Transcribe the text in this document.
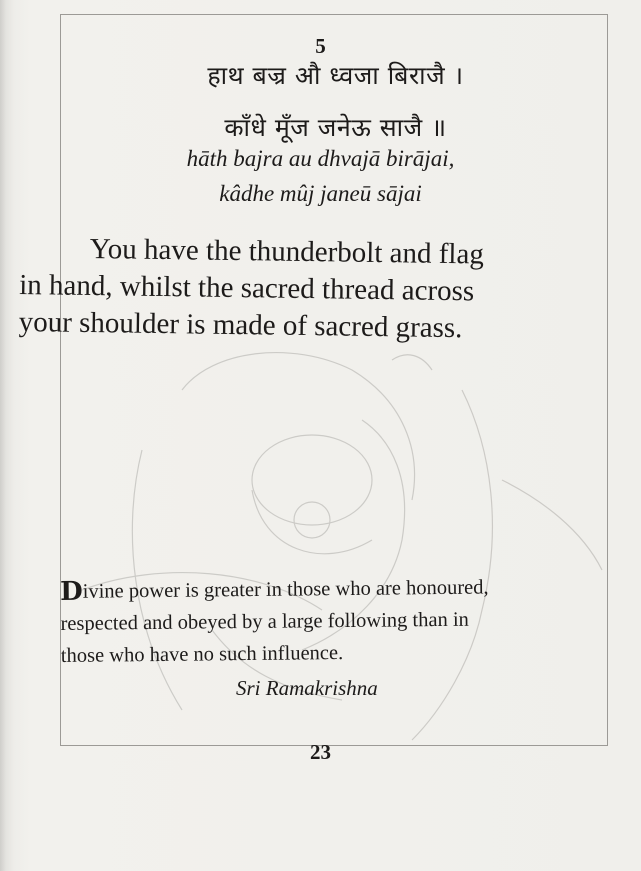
5
हाथ बज्र औ ध्वजा बिराजै ।
काँधे मूँज जनेऊ साजै ॥
hāth bajra au dhvajā birājai,
kâdhe mûj janeū sājai
You have the thunderbolt and flag
in hand, whilst the sacred thread across
your shoulder is made of sacred grass.
Divine power is greater in those who are honoured,
respected and obeyed by a large following than in
those who have no such influence.
Sri Ramakrishna
23
